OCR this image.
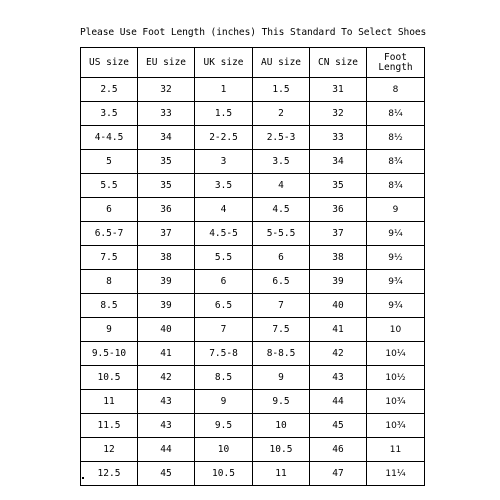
Please Use Foot Length (inches) This Standard To Select Shoes
US size	EU size	UK size	AU size	CN size	Foot Length
2.5	32	1	1.5	31	8
3.5	33	1.5	2	32	8¼
4-4.5	34	2-2.5	2.5-3	33	8½
5	35	3	3.5	34	8¾
5.5	35	3.5	4	35	8¾
6	36	4	4.5	36	9
6.5-7	37	4.5-5	5-5.5	37	9¼
7.5	38	5.5	6	38	9½
8	39	6	6.5	39	9¾
8.5	39	6.5	7	40	9¾
9	40	7	7.5	41	10
9.5-10	41	7.5-8	8-8.5	42	10¼
10.5	42	8.5	9	43	10½
11	43	9	9.5	44	10¾
11.5	43	9.5	10	45	10¾
12	44	10	10.5	46	11
12.5	45	10.5	11	47	11¼
